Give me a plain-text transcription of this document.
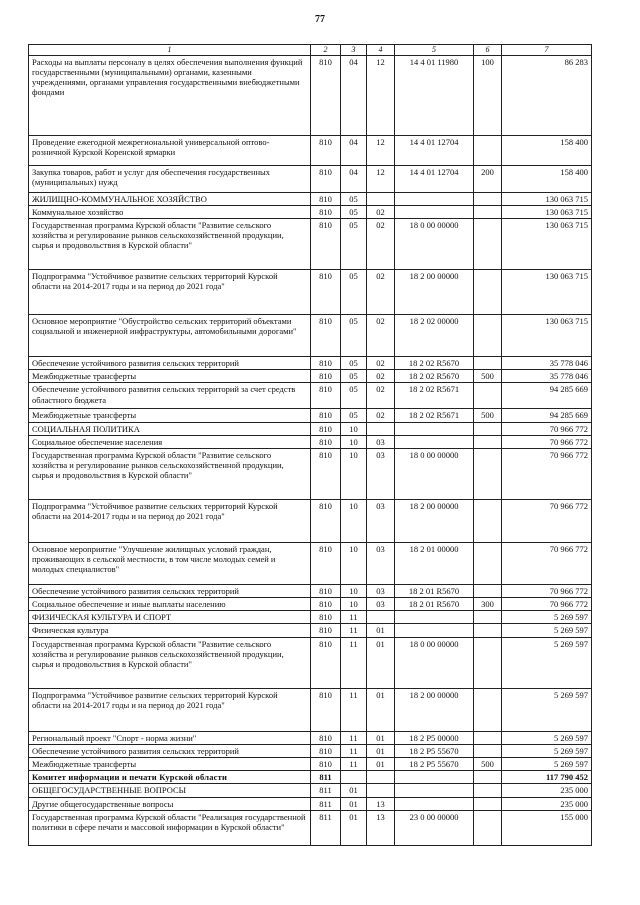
77
1	2	3	4	5	6	7
Расходы на выплаты персоналу в целях обеспечения выполнения функций государственными (муниципальными) органами, казенными учреждениями, органами управления государственными внебюджетными фондами	810	04	12	14 4 01 11980	100	86 283
Проведение ежегодной межрегиональной универсальной оптово-розничной Курской Коренской ярмарки	810	04	12	14 4 01 12704		158 400
Закупка товаров, работ и услуг для обеспечения государственных (муниципальных) нужд	810	04	12	14 4 01 12704	200	158 400
ЖИЛИЩНО-КОММУНАЛЬНОЕ ХОЗЯЙСТВО	810	05				130 063 715
Коммунальное хозяйство	810	05	02			130 063 715
Государственная программа Курской области "Развитие сельского хозяйства и регулирование рынков сельскохозяйственной продукции, сырья и продовольствия в Курской области"	810	05	02	18 0 00 00000		130 063 715
Подпрограмма "Устойчивое развитие сельских территорий Курской области на 2014-2017 годы и на период до 2021 года"	810	05	02	18 2 00 00000		130 063 715
Основное мероприятие "Обустройство сельских территорий объектами социальной и инженерной инфраструктуры, автомобильными дорогами"	810	05	02	18 2 02 00000		130 063 715
Обеспечение устойчивого развития сельских территорий	810	05	02	18 2 02 R5670		35 778 046
Межбюджетные трансферты	810	05	02	18 2 02 R5670	500	35 778 046
Обеспечение устойчивого развития сельских территорий за счет средств областного бюджета	810	05	02	18 2 02 R5671		94 285 669
Межбюджетные трансферты	810	05	02	18 2 02 R5671	500	94 285 669
СОЦИАЛЬНАЯ ПОЛИТИКА	810	10				70 966 772
Социальное обеспечение населения	810	10	03			70 966 772
Государственная программа Курской области "Развитие сельского хозяйства и регулирование рынков сельскохозяйственной продукции, сырья и продовольствия в Курской области"	810	10	03	18 0 00 00000		70 966 772
Подпрограмма "Устойчивое развитие сельских территорий Курской области на 2014-2017 годы и на период до 2021 года"	810	10	03	18 2 00 00000		70 966 772
Основное мероприятие "Улучшение жилищных условий граждан, проживающих в сельской местности, в том числе молодых семей и молодых специалистов"	810	10	03	18 2 01 00000		70 966 772
Обеспечение устойчивого развития сельских территорий	810	10	03	18 2 01 R5670		70 966 772
Социальное обеспечение и иные выплаты населению	810	10	03	18 2 01 R5670	300	70 966 772
ФИЗИЧЕСКАЯ КУЛЬТУРА И СПОРТ	810	11				5 269 597
Физическая культура	810	11	01			5 269 597
Государственная программа Курской области "Развитие сельского хозяйства и регулирование рынков сельскохозяйственной продукции, сырья и продовольствия в Курской области"	810	11	01	18 0 00 00000		5 269 597
Подпрограмма "Устойчивое развитие сельских территорий Курской области на 2014-2017 годы и на период до 2021 года"	810	11	01	18 2 00 00000		5 269 597
Региональный проект "Спорт - норма жизни"	810	11	01	18 2 P5 00000		5 269 597
Обеспечение устойчивого развития сельских территорий	810	11	01	18 2 P5 55670		5 269 597
Межбюджетные трансферты	810	11	01	18 2 P5 55670	500	5 269 597
Комитет информации и печати Курской области	811					117 790 452
ОБЩЕГОСУДАРСТВЕННЫЕ ВОПРОСЫ	811	01				235 000
Другие общегосударственные вопросы	811	01	13			235 000
Государственная программа Курской области "Реализация государственной политики в сфере печати и массовой информации в Курской области"	811	01	13	23 0 00 00000		155 000
